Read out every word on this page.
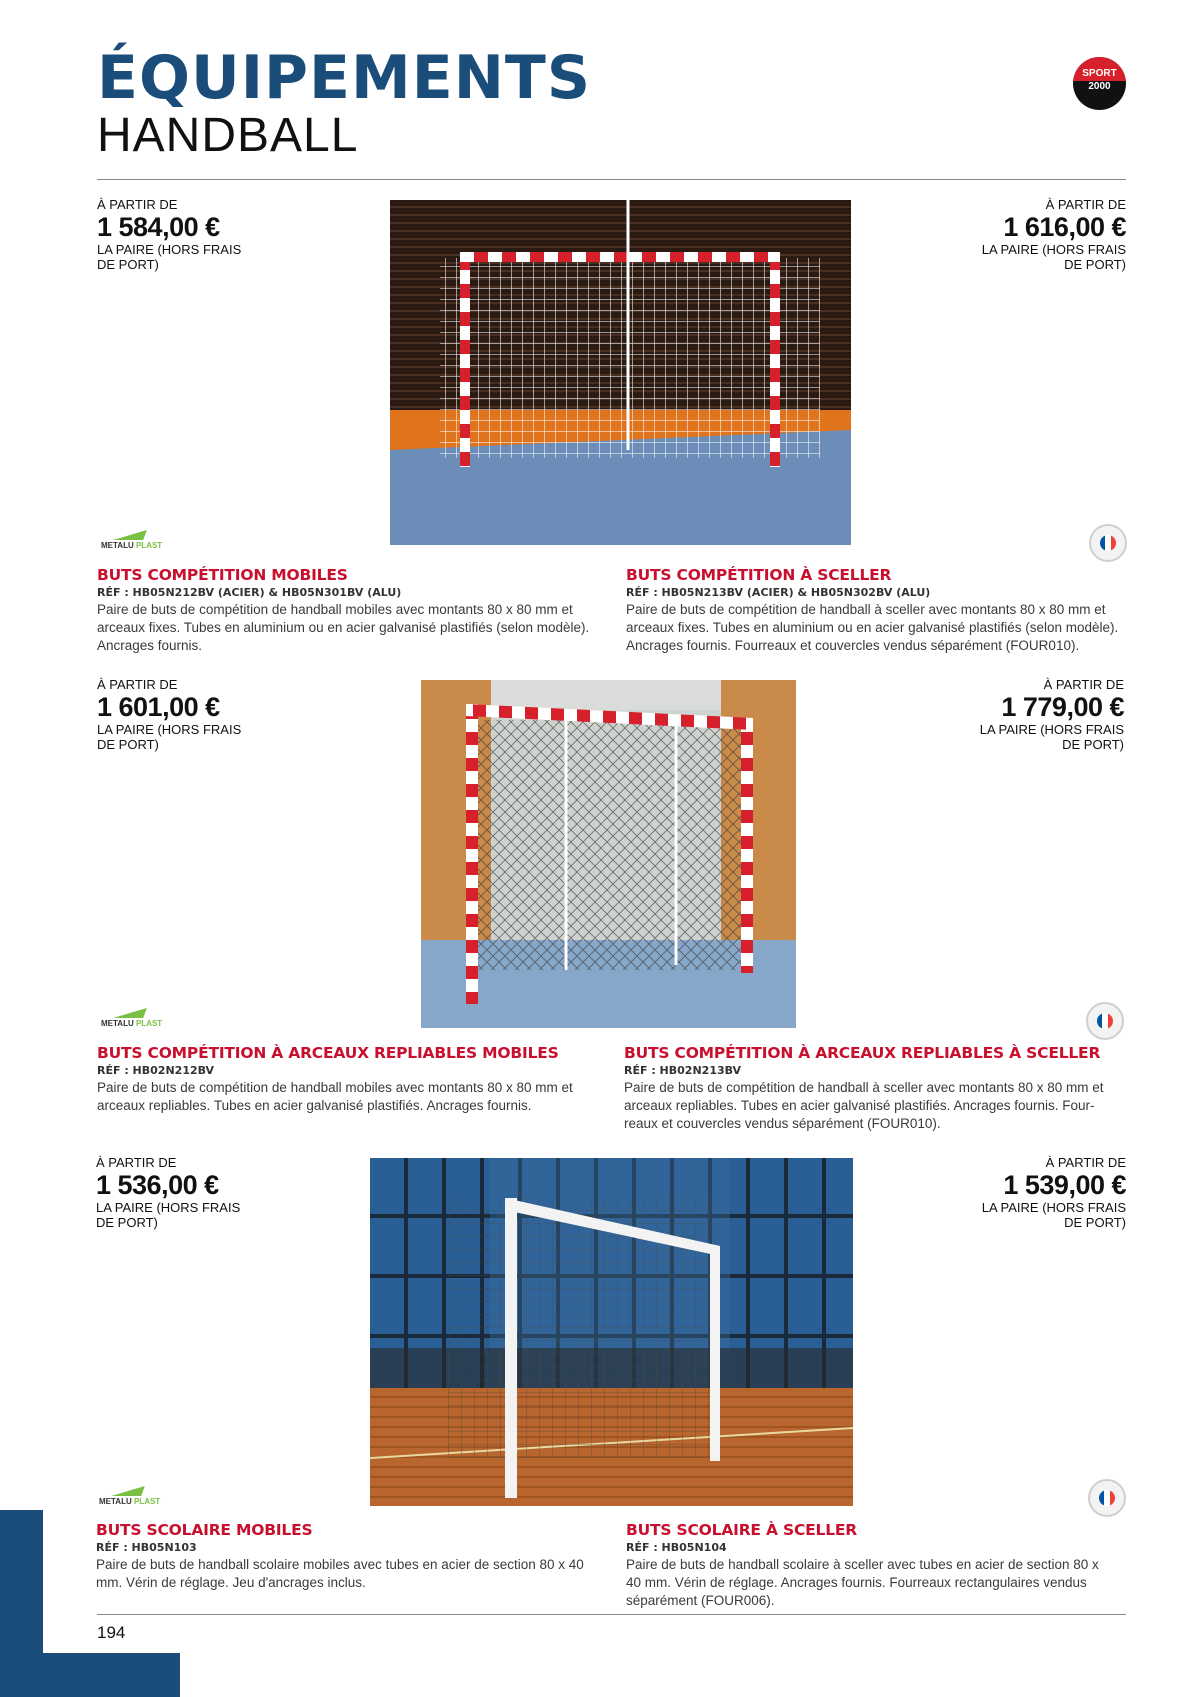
ÉQUIPEMENTS
HANDBALL
SPORT
2000
À PARTIR DE
1 584,00 €
LA PAIRE (HORS FRAIS
DE PORT)
À PARTIR DE
1 616,00 €
LA PAIRE (HORS FRAIS
DE PORT)
METALU PLAST
BUTS COMPÉTITION MOBILES
RÉF : HB05N212BV (ACIER) & HB05N301BV (ALU)
Paire de buts de compétition de handball mobiles avec montants 80 x 80 mm et arceaux fixes. Tubes en aluminium ou en acier galvanisé plastifiés (selon modèle). Ancrages fournis.
BUTS COMPÉTITION À SCELLER
RÉF : HB05N213BV (ACIER) & HB05N302BV (ALU)
Paire de buts de compétition de handball à sceller avec montants 80 x 80 mm et arceaux fixes. Tubes en aluminium ou en acier galvanisé plastifiés (selon modèle). Ancrages fournis. Fourreaux et couvercles vendus séparément (FOUR010).
À PARTIR DE
1 601,00 €
LA PAIRE (HORS FRAIS
DE PORT)
À PARTIR DE
1 779,00 €
LA PAIRE (HORS FRAIS
DE PORT)
METALU PLAST
BUTS COMPÉTITION À ARCEAUX REPLIABLES MOBILES
RÉF : HB02N212BV
Paire de buts de compétition de handball mobiles avec montants 80 x 80 mm et arceaux repliables. Tubes en acier galvanisé plastifiés. Ancrages fournis.
BUTS COMPÉTITION À ARCEAUX REPLIABLES À SCELLER
RÉF : HB02N213BV
Paire de buts de compétition de handball à sceller avec montants 80 x 80 mm et arceaux repliables. Tubes en acier galvanisé plastifiés. Ancrages fournis. Four-reaux et couvercles vendus séparément (FOUR010).
À PARTIR DE
1 536,00 €
LA PAIRE (HORS FRAIS
DE PORT)
À PARTIR DE
1 539,00 €
LA PAIRE (HORS FRAIS
DE PORT)
METALU PLAST
BUTS SCOLAIRE MOBILES
RÉF : HB05N103
Paire de buts de handball scolaire mobiles avec tubes en acier de section 80 x 40 mm. Vérin de réglage. Jeu d'ancrages inclus.
BUTS SCOLAIRE À SCELLER
RÉF : HB05N104
Paire de buts de handball scolaire à sceller avec tubes en acier de section 80 x 40 mm. Vérin de réglage. Ancrages fournis. Fourreaux rectangulaires vendus séparément (FOUR006).
194
